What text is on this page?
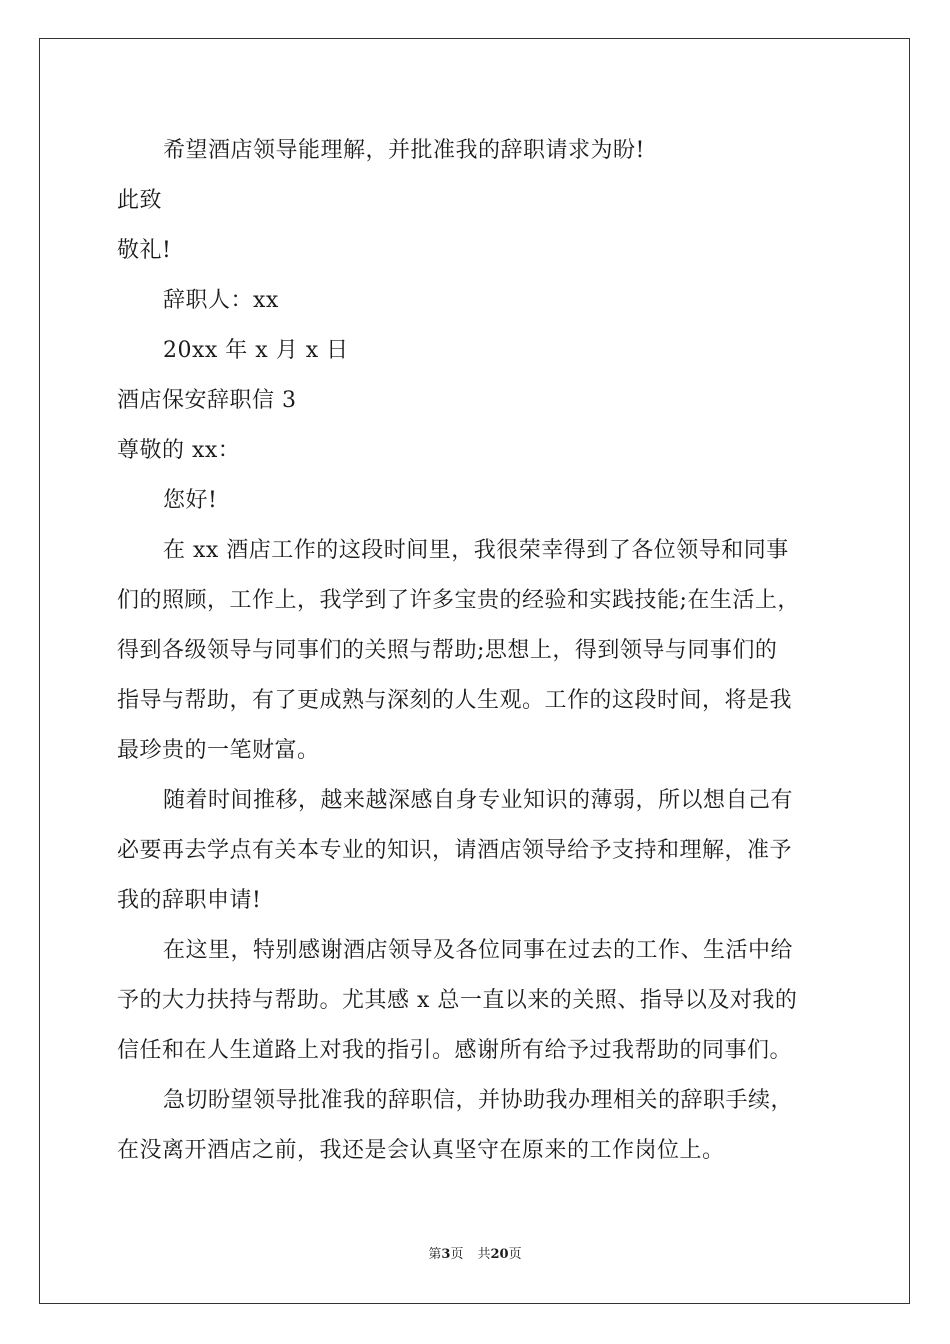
希望酒店领导能理解，并批准我的辞职请求为盼!
此致
敬礼!
辞职人：xx
20xx 年 x 月 x 日
酒店保安辞职信 3
尊敬的 xx：
您好!
在 xx 酒店工作的这段时间里，我很荣幸得到了各位领导和同事
们的照顾，工作上，我学到了许多宝贵的经验和实践技能;在生活上，
得到各级领导与同事们的关照与帮助;思想上，得到领导与同事们的
指导与帮助，有了更成熟与深刻的人生观。工作的这段时间，将是我
最珍贵的一笔财富。
随着时间推移，越来越深感自身专业知识的薄弱，所以想自己有
必要再去学点有关本专业的知识，请酒店领导给予支持和理解，准予
我的辞职申请!
在这里，特别感谢酒店领导及各位同事在过去的工作、生活中给
予的大力扶持与帮助。尤其感 x 总一直以来的关照、指导以及对我的
信任和在人生道路上对我的指引。感谢所有给予过我帮助的同事们。
急切盼望领导批准我的辞职信，并协助我办理相关的辞职手续，
在没离开酒店之前，我还是会认真坚守在原来的工作岗位上。
第3页 共20页
